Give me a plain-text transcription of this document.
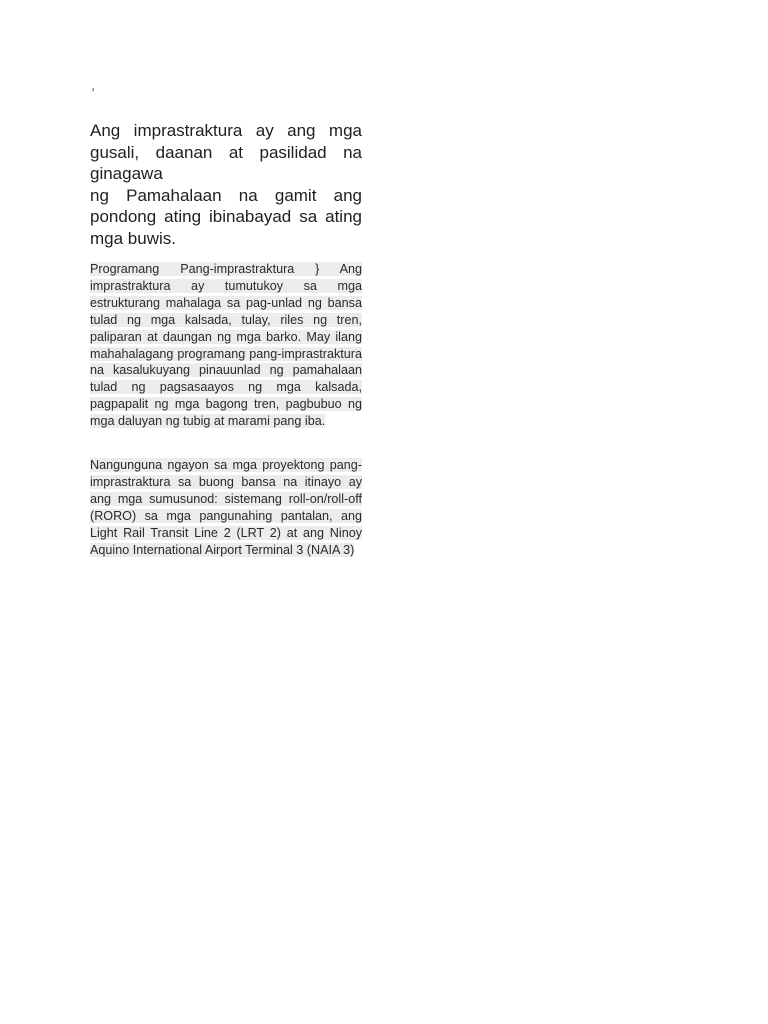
′

Ang imprastraktura ay ang mga gusali, daanan at pasilidad na ginagawa
ng Pamahalaan na gamit ang pondong ating ibinabayad sa ating mga buwis.

Programang Pang-imprastraktura } Ang imprastraktura ay tumutukoy sa mga estrukturang mahalaga sa pag-unlad ng bansa tulad ng mga kalsada, tulay, riles ng tren, paliparan at daungan ng mga barko. May ilang mahahalagang programang pang-imprastraktura na kasalukuyang pinauunlad ng pamahalaan tulad ng pagsasaayos ng mga kalsada, pagpapalit ng mga bagong tren, pagbubuo ng mga daluyan ng tubig at marami pang iba.

Nangunguna ngayon sa mga proyektong pang-imprastraktura sa buong bansa na itinayo ay ang mga sumusunod: sistemang roll-on/roll-off (RORO) sa mga pangunahing pantalan, ang Light Rail Transit Line 2 (LRT 2) at ang Ninoy Aquino International Airport Terminal 3 (NAIA 3)
